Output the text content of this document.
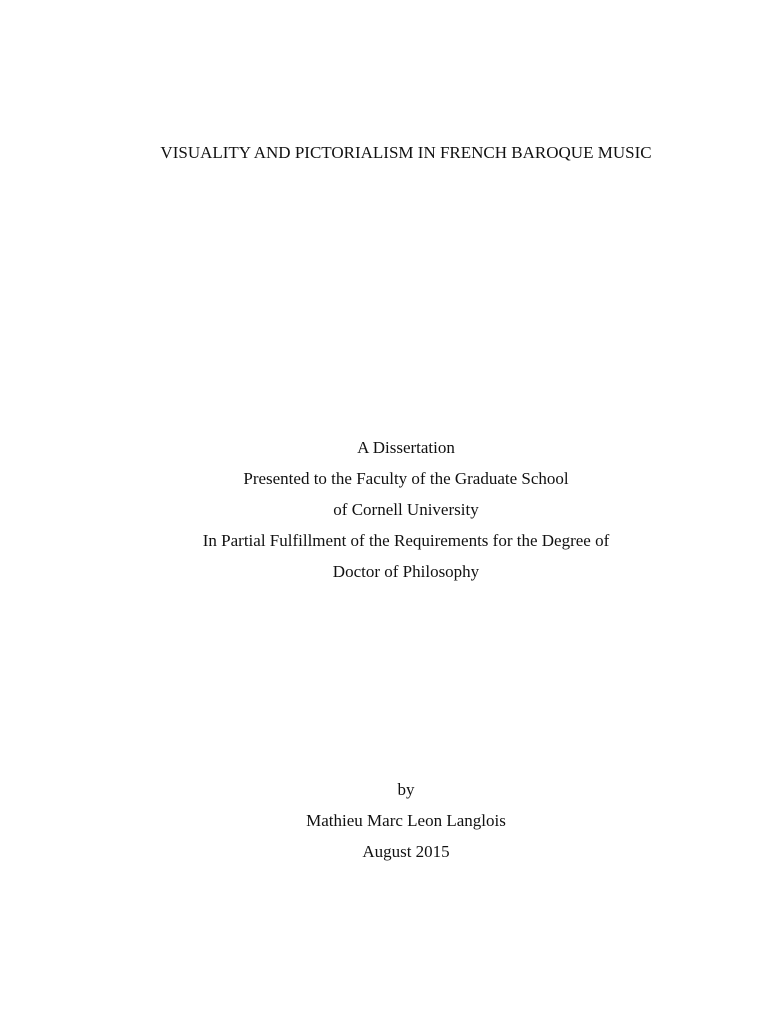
VISUALITY AND PICTORIALISM IN FRENCH BAROQUE MUSIC
A Dissertation
Presented to the Faculty of the Graduate School
of Cornell University
In Partial Fulfillment of the Requirements for the Degree of
Doctor of Philosophy
by
Mathieu Marc Leon Langlois
August 2015
